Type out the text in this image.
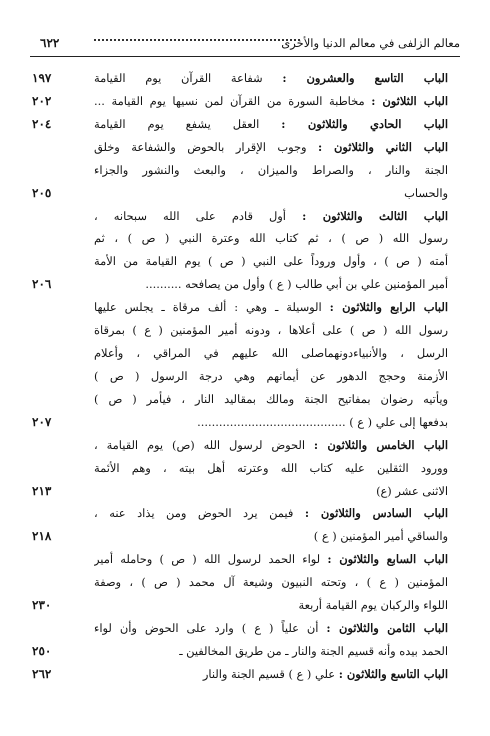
معالم الزلفى في معالم الدنيا والأخرى
٦٢٢
الباب التاسع والعشرون : شفاعة القرآن يوم القيامة
١٩٧
الباب الثلاثون : مخاطبة السورة من القرآن لمن نسيها يوم القيامة ...
٢٠٢
الباب الحادي والثلاثون : العقل يشفع يوم القيامة
٢٠٤
الباب الثاني والثلاثون : وجوب الإقرار بالحوض والشفاعة وخلق
الجنة والنار ، والصراط والميزان ، والبعث والنشور والجزاء
والحساب
٢٠٥
الباب الثالث والثلاثون : أول قادم على الله سبحانه ،
رسول الله ( ص ) ، ثم كتاب الله وعترة النبي ( ص ) ، ثم
أمته ( ص ) ، وأول وروداً على النبي ( ص ) يوم القيامة من الأمة
أمير المؤمنين علي بن أبي طالب ( ع ) وأول من يصافحه ..........
٢٠٦
الباب الرابع والثلاثون : الوسيلة ـ وهي : ألف مرقاة ـ يجلس عليها
رسول الله ( ص ) على أعلاها ، ودونه أمير المؤمنين ( ع ) بمرقاة
الرسل ، والأنبياءدونهماصلى الله عليهم في المراقي ، وأعلام
الأزمنة وحجج الدهور عن أيمانهم وهي درجة الرسول ( ص )
ويأتيه رضوان بمفاتيح الجنة ومالك بمقاليد النار ، فيأمر ( ص )
بدفعها إلى علي ( ع ) .........................................
٢٠٧
الباب الخامس والثلاثون : الحوض لرسول الله (ص) يوم القيامة ،
وورود الثقلين عليه كتاب الله وعترته أهل بيته ، وهم الأئمة
الاثنى عشر (ع)
٢١٣
الباب السادس والثلاثون : فيمن يرد الحوض ومن يذاد عنه ،
والساقي أمير المؤمنين ( ع )
٢١٨
الباب السابع والثلاثون : لواء الحمد لرسول الله ( ص ) وحامله أمير
المؤمنين ( ع ) ، وتحته النبيون وشيعة آل محمد ( ص ) ، وصفة
اللواء والركبان يوم القيامة أربعة
٢٣٠
الباب الثامن والثلاثون : أن علياً ( ع ) وارد على الحوض وأن لواء
الحمد بيده وأنه قسيم الجنة والنار ـ من طريق المخالفين ـ
٢٥٠
الباب التاسع والثلاثون : علي ( ع ) قسيم الجنة والنار
٢٦٢
